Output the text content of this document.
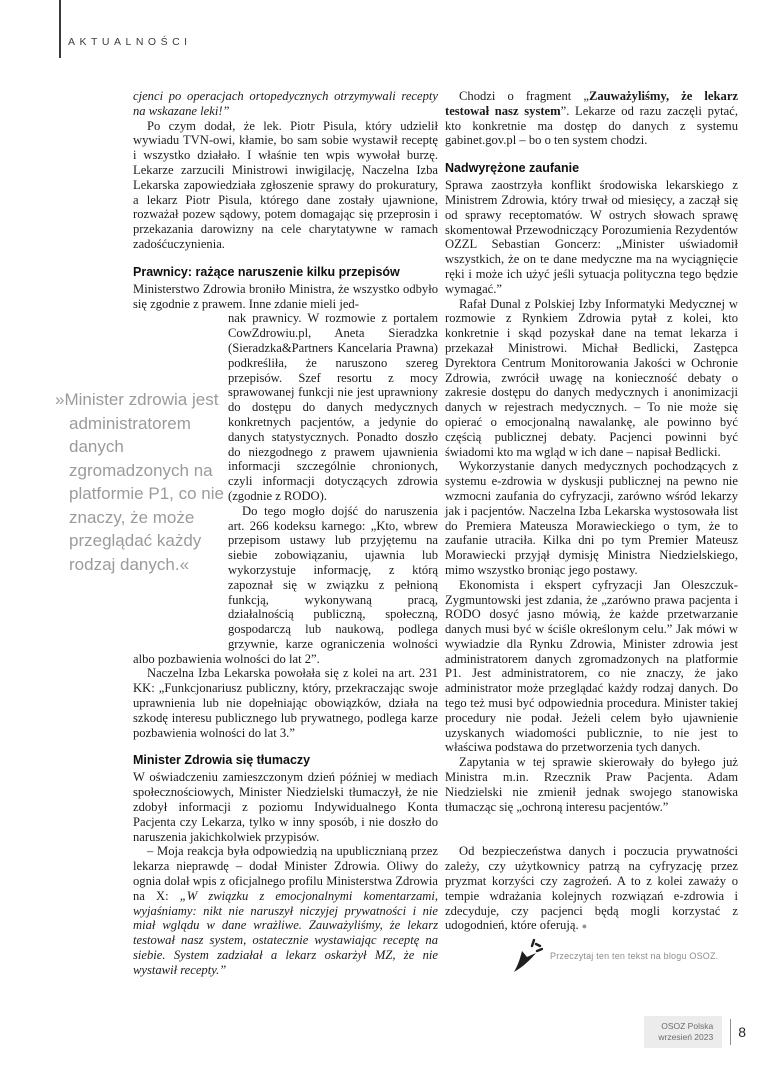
AKTUALNOŚCI

cjenci po operacjach ortopedycznych otrzymywali recepty na wskazane leki!”

Po czym dodał, że lek. Piotr Pisula, który udzielił wywiadu TVN-owi, kłamie, bo sam sobie wystawił receptę i wszystko działało. I właśnie ten wpis wywołał burzę. Lekarze zarzucili Ministrowi inwigilację, Naczelna Izba Lekarska zapowiedziała zgłoszenie sprawy do prokuratury, a lekarz Piotr Pisula, którego dane zostały ujawnione, rozważał pozew sądowy, potem domagając się przeprosin i przekazania darowizny na cele charytatywne w ramach zadośćuczynienia.

Prawnicy: rażące naruszenie kilku przepisów

Ministerstwo Zdrowia broniło Ministra, że wszystko odbyło się zgodnie z prawem. Inne zdanie mieli jed-

»Minister zdrowia jest administratorem danych zgromadzonych na platformie P1, co nie znaczy, że może przeglądać każdy rodzaj danych.«

nak prawnicy. W rozmowie z portalem CowZdrowiu.pl, Aneta Sieradzka (Sieradzka&Partners Kancelaria Prawna) podkreśliła, że naruszono szereg przepisów. Szef resortu z mocy sprawowanej funkcji nie jest uprawniony do dostępu do danych medycznych konkretnych pacjentów, a jedynie do danych statystycznych. Ponadto doszło do niezgodnego z prawem ujawnienia informacji szczególnie chronionych, czyli informacji dotyczących zdrowia (zgodnie z RODO).

Do tego mogło dojść do naruszenia art. 266 kodeksu karnego: „Kto, wbrew przepisom ustawy lub przyjętemu na siebie zobowiązaniu, ujawnia lub wykorzystuje informację, z którą zapoznał się w związku z pełnioną funkcją, wykonywaną pracą, działalnością publiczną, społeczną, gospodarczą lub naukową, podlega grzywnie, karze ograniczenia wolności albo pozbawienia wolności do lat 2”.

Naczelna Izba Lekarska powołała się z kolei na art. 231 KK: „Funkcjonariusz publiczny, który, przekraczając swoje uprawnienia lub nie dopełniając obowiązków, działa na szkodę interesu publicznego lub prywatnego, podlega karze pozbawienia wolności do lat 3.”

Minister Zdrowia się tłumaczy

W oświadczeniu zamieszczonym dzień później w mediach społecznościowych, Minister Niedzielski tłumaczył, że nie zdobył informacji z poziomu Indywidualnego Konta Pacjenta czy Lekarza, tylko w inny sposób, i nie doszło do naruszenia jakichkolwiek przypisów.

– Moja reakcja była odpowiedzią na upublicznianą przez lekarza nieprawdę – dodał Minister Zdrowia. Oliwy do ognia dolał wpis z oficjalnego profilu Ministerstwa Zdrowia na X: „W związku z emocjonalnymi komentarzami, wyjaśniamy: nikt nie naruszył niczyjej prywatności i nie miał wglądu w dane wrażliwe. Zauważyliśmy, że lekarz testował nasz system, ostatecznie wystawiając receptę na siebie. System zadziałał a lekarz oskarżył MZ, że nie wystawił recepty.”

Chodzi o fragment „Zauważyliśmy, że lekarz testował nasz system”. Lekarze od razu zaczęli pytać, kto konkretnie ma dostęp do danych z systemu gabinet.gov.pl – bo o ten system chodzi.

Nadwyrężone zaufanie

Sprawa zaostrzyła konflikt środowiska lekarskiego z Ministrem Zdrowia, który trwał od miesięcy, a zaczął się od sprawy receptomatów. W ostrych słowach sprawę skomentował Przewodniczący Porozumienia Rezydentów OZZL Sebastian Goncerz: „Minister uświadomił wszystkich, że on te dane medyczne ma na wyciągnięcie ręki i może ich użyć jeśli sytuacja polityczna tego będzie wymagać.”

Rafał Dunal z Polskiej Izby Informatyki Medycznej w rozmowie z Rynkiem Zdrowia pytał z kolei, kto konkretnie i skąd pozyskał dane na temat lekarza i przekazał Ministrowi. Michał Bedlicki, Zastępca Dyrektora Centrum Monitorowania Jakości w Ochronie Zdrowia, zwrócił uwagę na konieczność debaty o zakresie dostępu do danych medycznych i anonimizacji danych w rejestrach medycznych. – To nie może się opierać o emocjonalną nawalankę, ale powinno być częścią publicznej debaty. Pacjenci powinni być świadomi kto ma wgląd w ich dane – napisał Bedlicki.

Wykorzystanie danych medycznych pochodzących z systemu e-zdrowia w dyskusji publicznej na pewno nie wzmocni zaufania do cyfryzacji, zarówno wśród lekarzy jak i pacjentów. Naczelna Izba Lekarska wystosowała list do Premiera Mateusza Morawieckiego o tym, że to zaufanie utraciła. Kilka dni po tym Premier Mateusz Morawiecki przyjął dymisję Ministra Niedzielskiego, mimo wszystko broniąc jego postawy.

Ekonomista i ekspert cyfryzacji Jan Oleszczuk-Zygmuntowski jest zdania, że „zarówno prawa pacjenta i RODO dosyć jasno mówią, że każde przetwarzanie danych musi być w ściśle określonym celu.” Jak mówi w wywiadzie dla Rynku Zdrowia, Minister zdrowia jest administratorem danych zgromadzonych na platformie P1. Jest administratorem, co nie znaczy, że jako administrator może przeglądać każdy rodzaj danych. Do tego też musi być odpowiednia procedura. Minister takiej procedury nie podał. Jeżeli celem było ujawnienie uzyskanych wiadomości publicznie, to nie jest to właściwa podstawa do przetworzenia tych danych.

Zapytania w tej sprawie skierowały do byłego już Ministra m.in. Rzecznik Praw Pacjenta. Adam Niedzielski nie zmienił jednak swojego stanowiska tłumacząc się „ochroną interesu pacjentów.”

Od bezpieczeństwa danych i poczucia prywatności zależy, czy użytkownicy patrzą na cyfryzację przez pryzmat korzyści czy zagrożeń. A to z kolei zaważy o tempie wdrażania kolejnych rozwiązań e-zdrowia i zdecyduje, czy pacjenci będą mogli korzystać z udogodnień, które oferują. ●

Przeczytaj ten ten tekst na blogu OSOZ.
OSOZ Polska
wrzesień 2023 8
